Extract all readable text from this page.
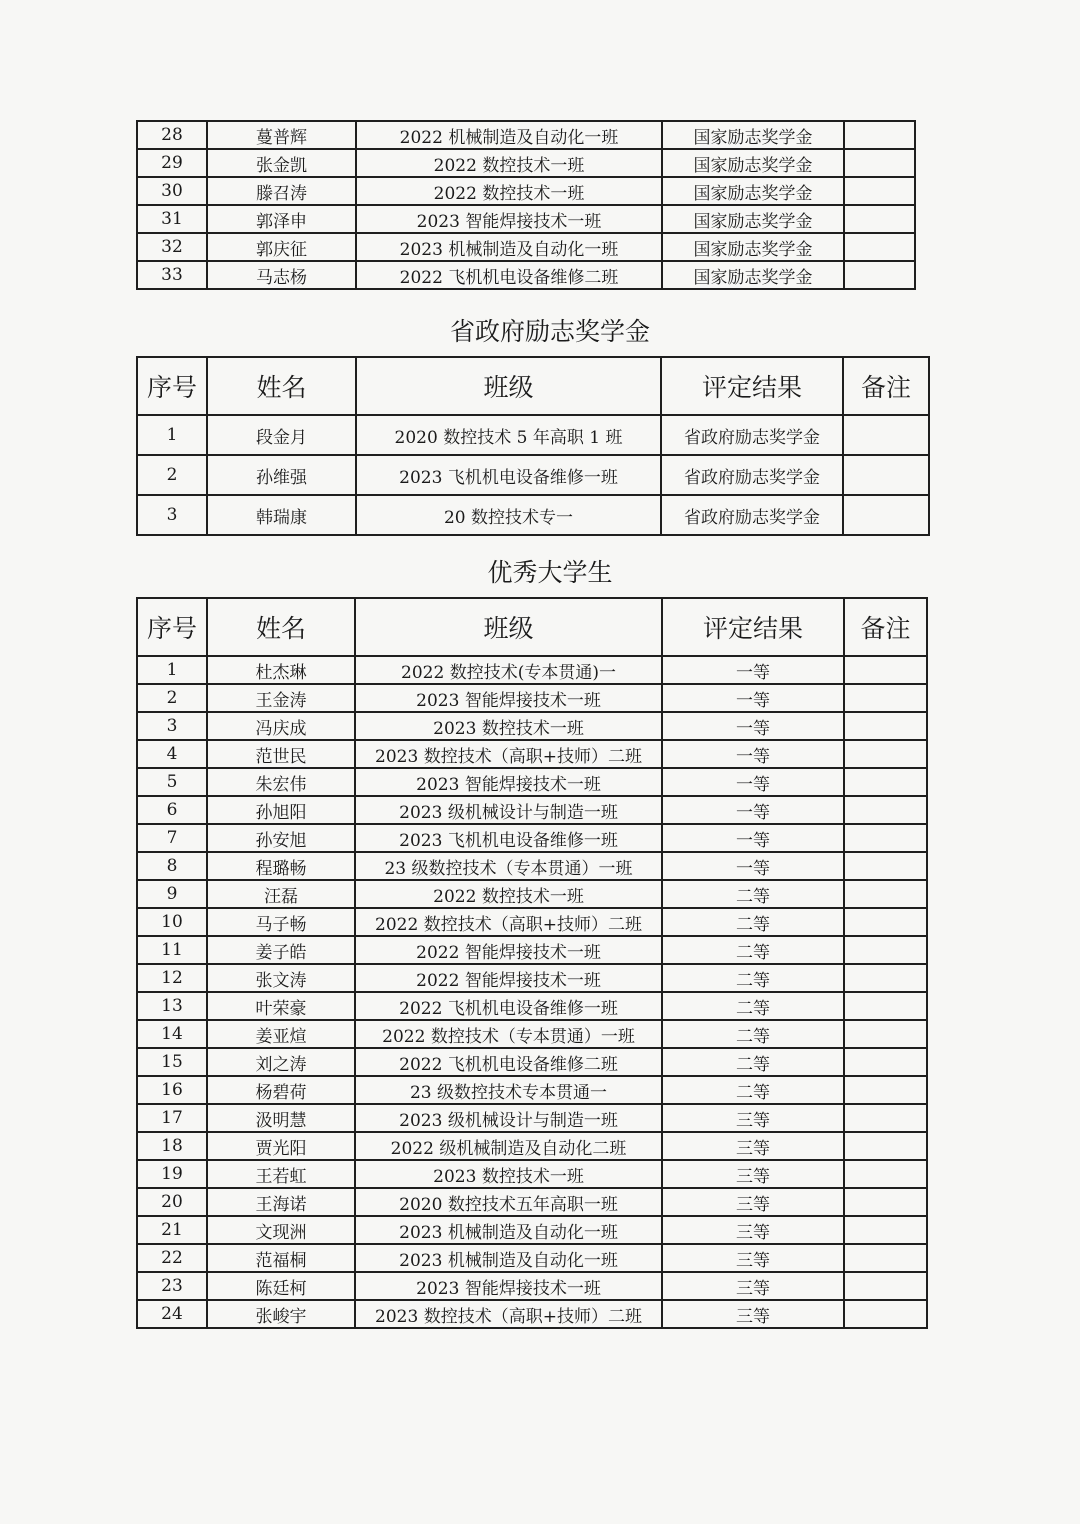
28	蔓普辉	2022 机械制造及自动化一班	国家励志奖学金	
29	张金凯	2022 数控技术一班	国家励志奖学金	
30	滕召涛	2022 数控技术一班	国家励志奖学金	
31	郭泽申	2023 智能焊接技术一班	国家励志奖学金	
32	郭庆征	2023 机械制造及自动化一班	国家励志奖学金	
33	马志杨	2022 飞机机电设备维修二班	国家励志奖学金	
省政府励志奖学金
序号	姓名	班级	评定结果	备注
1	段金月	2020 数控技术 5 年高职 1 班	省政府励志奖学金	
2	孙维强	2023 飞机机电设备维修一班	省政府励志奖学金	
3	韩瑞康	20 数控技术专一	省政府励志奖学金	
优秀大学生
序号	姓名	班级	评定结果	备注
1	杜杰琳	2022 数控技术(专本贯通)一	一等	
2	王金涛	2023 智能焊接技术一班	一等	
3	冯庆成	2023 数控技术一班	一等	
4	范世民	2023 数控技术（高职+技师）二班	一等	
5	朱宏伟	2023 智能焊接技术一班	一等	
6	孙旭阳	2023 级机械设计与制造一班	一等	
7	孙安旭	2023 飞机机电设备维修一班	一等	
8	程璐畅	23 级数控技术（专本贯通）一班	一等	
9	汪磊	2022 数控技术一班	二等	
10	马子畅	2022 数控技术（高职+技师）二班	二等	
11	姜子皓	2022 智能焊接技术一班	二等	
12	张文涛	2022 智能焊接技术一班	二等	
13	叶荣豪	2022 飞机机电设备维修一班	二等	
14	姜亚煊	2022 数控技术（专本贯通）一班	二等	
15	刘之涛	2022 飞机机电设备维修二班	二等	
16	杨碧荷	23 级数控技术专本贯通一	二等	
17	汲明慧	2023 级机械设计与制造一班	三等	
18	贾光阳	2022 级机械制造及自动化二班	三等	
19	王若虹	2023 数控技术一班	三等	
20	王海诺	2020 数控技术五年高职一班	三等	
21	文现洲	2023 机械制造及自动化一班	三等	
22	范福桐	2023 机械制造及自动化一班	三等	
23	陈廷柯	2023 智能焊接技术一班	三等	
24	张峻宇	2023 数控技术（高职+技师）二班	三等	
